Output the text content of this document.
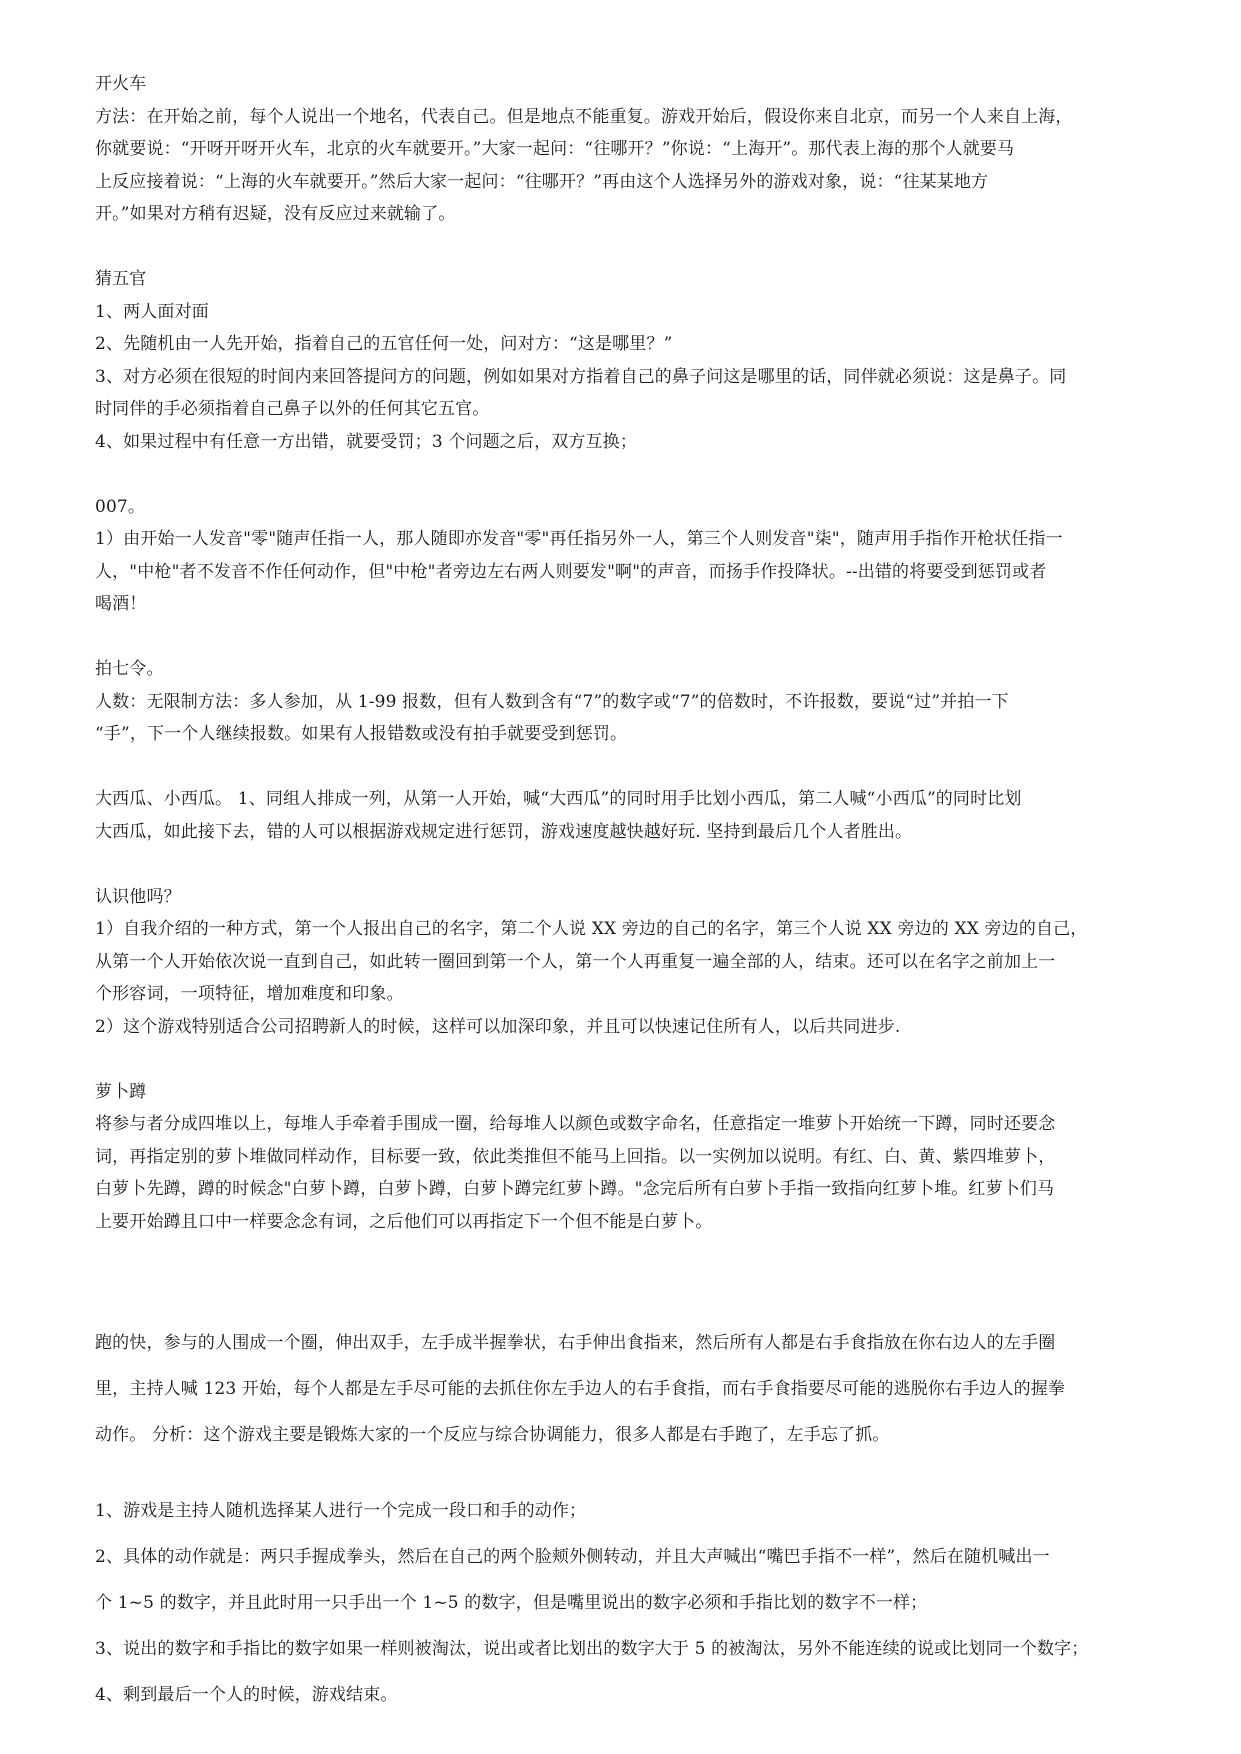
开火车
方法：在开始之前，每个人说出一个地名，代表自己。但是地点不能重复。游戏开始后，假设你来自北京，而另一个人来自上海，
你就要说：“开呀开呀开火车，北京的火车就要开。”大家一起问：“往哪开？”你说：“上海开”。那代表上海的那个人就要马
上反应接着说：“上海的火车就要开。”然后大家一起问：“往哪开？”再由这个人选择另外的游戏对象，说：“往某某地方
开。”如果对方稍有迟疑，没有反应过来就输了。
猜五官
1、两人面对面
2、先随机由一人先开始，指着自己的五官任何一处，问对方：“这是哪里？”
3、对方必须在很短的时间内来回答提问方的问题，例如如果对方指着自己的鼻子问这是哪里的话，同伴就必须说：这是鼻子。同
时同伴的手必须指着自己鼻子以外的任何其它五官。
4、如果过程中有任意一方出错，就要受罚；3 个问题之后，双方互换；
007。
1）由开始一人发音"零"随声任指一人，那人随即亦发音"零"再任指另外一人，第三个人则发音"柒"，随声用手指作开枪状任指一
人，"中枪"者不发音不作任何动作，但"中枪"者旁边左右两人则要发"啊"的声音，而扬手作投降状。--出错的将要受到惩罚或者
喝酒！
拍七令。
人数：无限制方法：多人参加，从 1-99 报数，但有人数到含有“7”的数字或“7”的倍数时，不许报数，要说“过”并拍一下
“手”，下一个人继续报数。如果有人报错数或没有拍手就要受到惩罚。
大西瓜、小西瓜。 1、同组人排成一列，从第一人开始，喊“大西瓜”的同时用手比划小西瓜，第二人喊“小西瓜”的同时比划
大西瓜，如此接下去，错的人可以根据游戏规定进行惩罚，游戏速度越快越好玩. 坚持到最后几个人者胜出。
认识他吗？
1）自我介绍的一种方式，第一个人报出自己的名字，第二个人说 XX 旁边的自己的名字，第三个人说 XX 旁边的 XX 旁边的自己，
从第一个人开始依次说一直到自己，如此转一圈回到第一个人，第一个人再重复一遍全部的人，结束。还可以在名字之前加上一
个形容词，一项特征，增加难度和印象。
2）这个游戏特别适合公司招聘新人的时候，这样可以加深印象，并且可以快速记住所有人，以后共同进步.
萝卜蹲
将参与者分成四堆以上，每堆人手牵着手围成一圈，给每堆人以颜色或数字命名，任意指定一堆萝卜开始统一下蹲，同时还要念
词，再指定别的萝卜堆做同样动作，目标要一致，依此类推但不能马上回指。以一实例加以说明。有红、白、黄、紫四堆萝卜，
白萝卜先蹲，蹲的时候念"白萝卜蹲，白萝卜蹲，白萝卜蹲完红萝卜蹲。"念完后所有白萝卜手指一致指向红萝卜堆。红萝卜们马
上要开始蹲且口中一样要念念有词，之后他们可以再指定下一个但不能是白萝卜。
跑的快，参与的人围成一个圈，伸出双手，左手成半握拳状，右手伸出食指来，然后所有人都是右手食指放在你右边人的左手圈
里，主持人喊 123 开始，每个人都是左手尽可能的去抓住你左手边人的右手食指，而右手食指要尽可能的逃脱你右手边人的握拳
动作。 分析：这个游戏主要是锻炼大家的一个反应与综合协调能力，很多人都是右手跑了，左手忘了抓。
1、游戏是主持人随机选择某人进行一个完成一段口和手的动作；
2、具体的动作就是：两只手握成拳头，然后在自己的两个脸颊外侧转动，并且大声喊出“嘴巴手指不一样”，然后在随机喊出一
个 1~5 的数字，并且此时用一只手出一个 1~5 的数字，但是嘴里说出的数字必须和手指比划的数字不一样；
3、说出的数字和手指比的数字如果一样则被淘汰，说出或者比划出的数字大于 5 的被淘汰，另外不能连续的说或比划同一个数字；
4、剩到最后一个人的时候，游戏结束。
